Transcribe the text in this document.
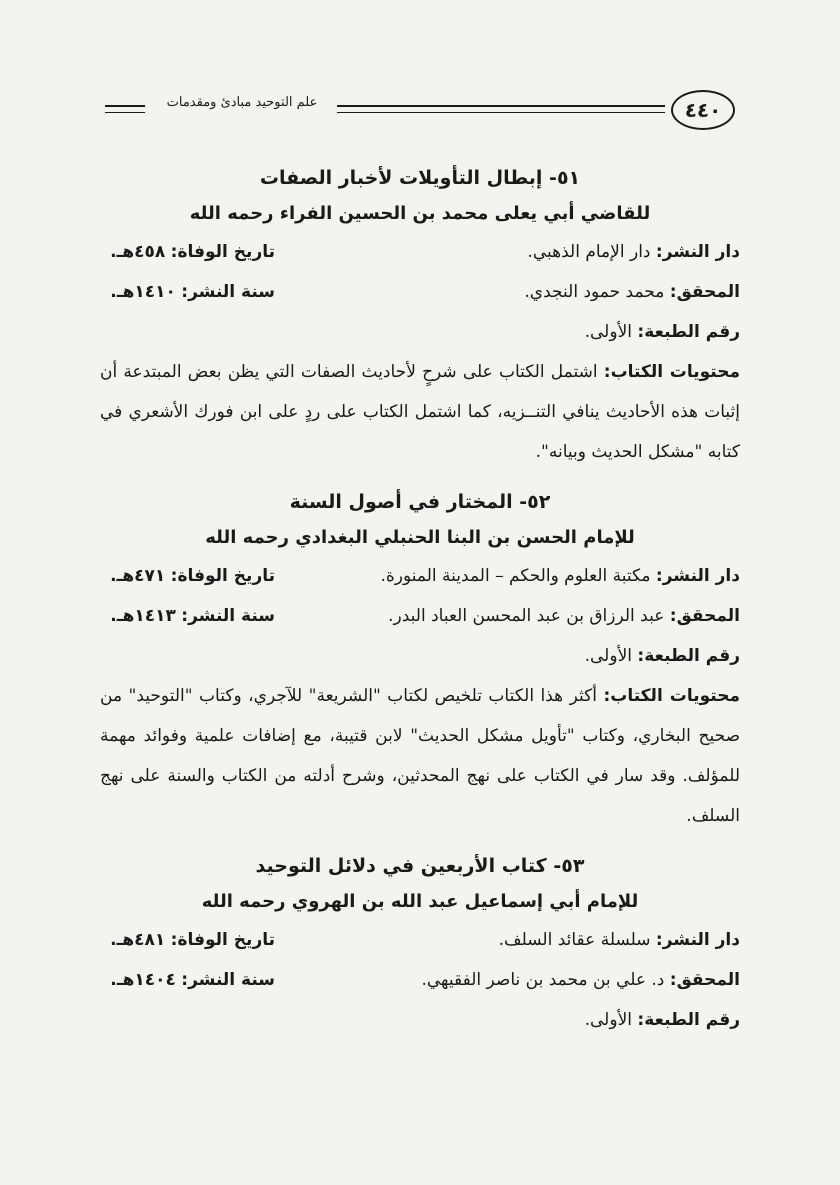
٤٤٠
علم التوحيد مبادئ ومقدمات
٥١- إبطال التأويلات لأخبار الصفات
للقاضي أبي يعلى محمد بن الحسين الفراء رحمه الله
دار النشر: دار الإمام الذهبي.
تاريخ الوفاة: ٤٥٨هـ.
المحقق: محمد حمود النجدي.
سنة النشر: ١٤١٠هـ.
رقم الطبعة: الأولى.
محتويات الكتاب: اشتمل الكتاب على شرحٍ لأحاديث الصفات التي يظن بعض المبتدعة أن إثبات هذه الأحاديث ينافي التنــزيه، كما اشتمل الكتاب على ردٍ على ابن فورك الأشعري في كتابه "مشكل الحديث وبيانه".
٥٢- المختار في أصول السنة
للإمام الحسن بن البنا الحنبلي البغدادي رحمه الله
دار النشر: مكتبة العلوم والحكم – المدينة المنورة.
تاريخ الوفاة: ٤٧١هـ.
المحقق: عبد الرزاق بن عبد المحسن العباد البدر.
سنة النشر: ١٤١٣هـ.
رقم الطبعة: الأولى.
محتويات الكتاب: أكثر هذا الكتاب تلخيص لكتاب "الشريعة" للآجري، وكتاب "التوحيد" من صحيح البخاري، وكتاب "تأويل مشكل الحديث" لابن قتيبة، مع إضافات علمية وفوائد مهمة للمؤلف. وقد سار في الكتاب على نهج المحدثين، وشرح أدلته من الكتاب والسنة على نهج السلف.
٥٣- كتاب الأربعين في دلائل التوحيد
للإمام أبي إسماعيل عبد الله بن الهروي رحمه الله
دار النشر: سلسلة عقائد السلف.
تاريخ الوفاة: ٤٨١هـ.
المحقق: د. علي بن محمد بن ناصر الفقيهي.
سنة النشر: ١٤٠٤هـ.
رقم الطبعة: الأولى.
